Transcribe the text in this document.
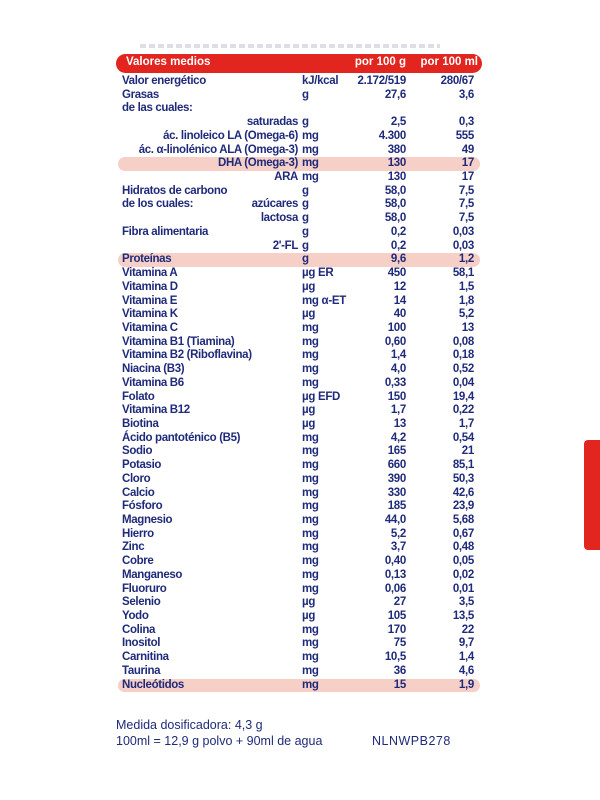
Valores medios	por 100 g	por 100 ml
Valor energético	kJ/kcal	2.172/519	280/67
Grasas	g	27,6	3,6
de las cuales:
saturadas g	2,5	0,3
ác. linoleico LA (Omega-6) mg	4.300	555
ác. α-linolénico ALA (Omega-3) mg	380	49
DHA (Omega-3) mg	130	17
ARA mg	130	17
Hidratos de carbono	g	58,0	7,5
de los cuales:	azúcares g	58,0	7,5
lactosa g	58,0	7,5
Fibra alimentaria	g	0,2	0,03
2'-FL g	0,2	0,03
Proteínas	g	9,6	1,2
Vitamina A	µg ER	450	58,1
Vitamina D	µg	12	1,5
Vitamina E	mg α-ET	14	1,8
Vitamina K	µg	40	5,2
Vitamina C	mg	100	13
Vitamina B1 (Tiamina)	mg	0,60	0,08
Vitamina B2 (Riboflavina)	mg	1,4	0,18
Niacina (B3)	mg	4,0	0,52
Vitamina B6	mg	0,33	0,04
Folato	µg EFD	150	19,4
Vitamina B12	µg	1,7	0,22
Biotina	µg	13	1,7
Ácido pantoténico (B5)	mg	4,2	0,54
Sodio	mg	165	21
Potasio	mg	660	85,1
Cloro	mg	390	50,3
Calcio	mg	330	42,6
Fósforo	mg	185	23,9
Magnesio	mg	44,0	5,68
Hierro	mg	5,2	0,67
Zinc	mg	3,7	0,48
Cobre	mg	0,40	0,05
Manganeso	mg	0,13	0,02
Fluoruro	mg	0,06	0,01
Selenio	µg	27	3,5
Yodo	µg	105	13,5
Colina	mg	170	22
Inositol	mg	75	9,7
Carnitina	mg	10,5	1,4
Taurina	mg	36	4,6
Nucleótidos	mg	15	1,9
Medida dosificadora: 4,3 g
100ml = 12,9 g polvo + 90ml de agua	NLNWPB278
